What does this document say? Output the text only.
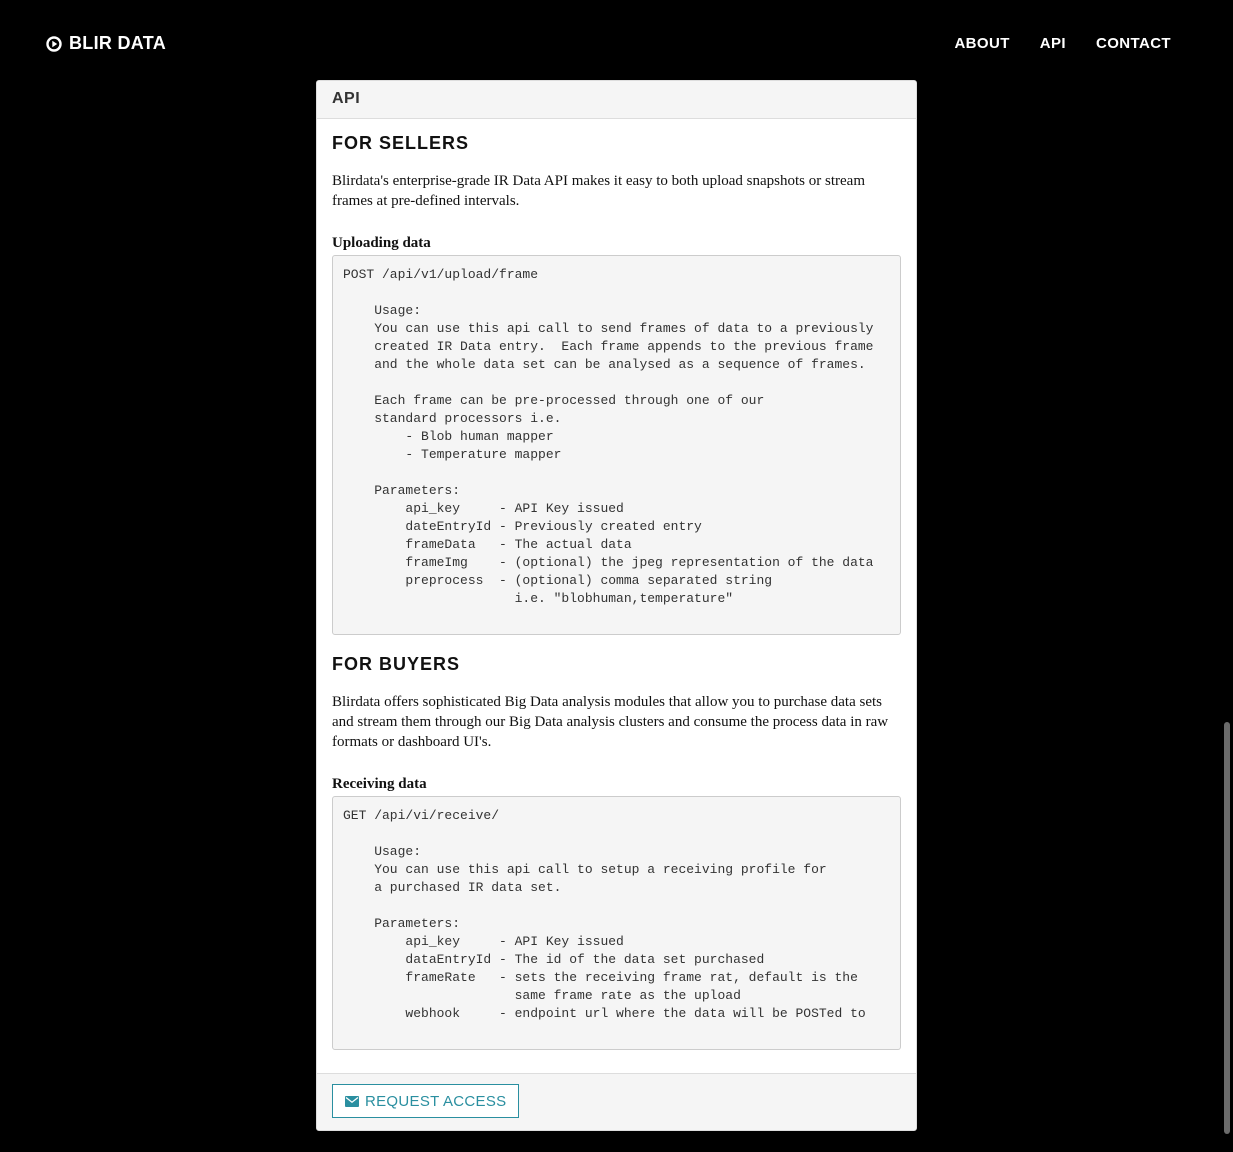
BLIR DATA	ABOUT API CONTACT
API
FOR SELLERS

Blirdata's enterprise-grade IR Data API makes it easy to both upload snapshots or stream frames at pre-defined intervals.

Uploading data
POST /api/v1/upload/frame

Usage:
You can use this api call to send frames of data to a previously
created IR Data entry.  Each frame appends to the previous frame
and the whole data set can be analysed as a sequence of frames.

Each frame can be pre-processed through one of our
standard processors i.e.
- Blob human mapper
- Temperature mapper

Parameters:
api_key     - API Key issued
dateEntryId - Previously created entry
frameData   - The actual data
frameImg    - (optional) the jpeg representation of the data
preprocess  - (optional) comma separated string
i.e. "blobhuman,temperature"
FOR BUYERS

Blirdata offers sophisticated Big Data analysis modules that allow you to purchase data sets and stream them through our Big Data analysis clusters and consume the process data in raw formats or dashboard UI's.

Receiving data
GET /api/vi/receive/

Usage:
You can use this api call to setup a receiving profile for
a purchased IR data set.

Parameters:
api_key     - API Key issued
dataEntryId - The id of the data set purchased
frameRate   - sets the receiving frame rat, default is the
same frame rate as the upload
webhook     - endpoint url where the data will be POSTed to
REQUEST ACCESS
